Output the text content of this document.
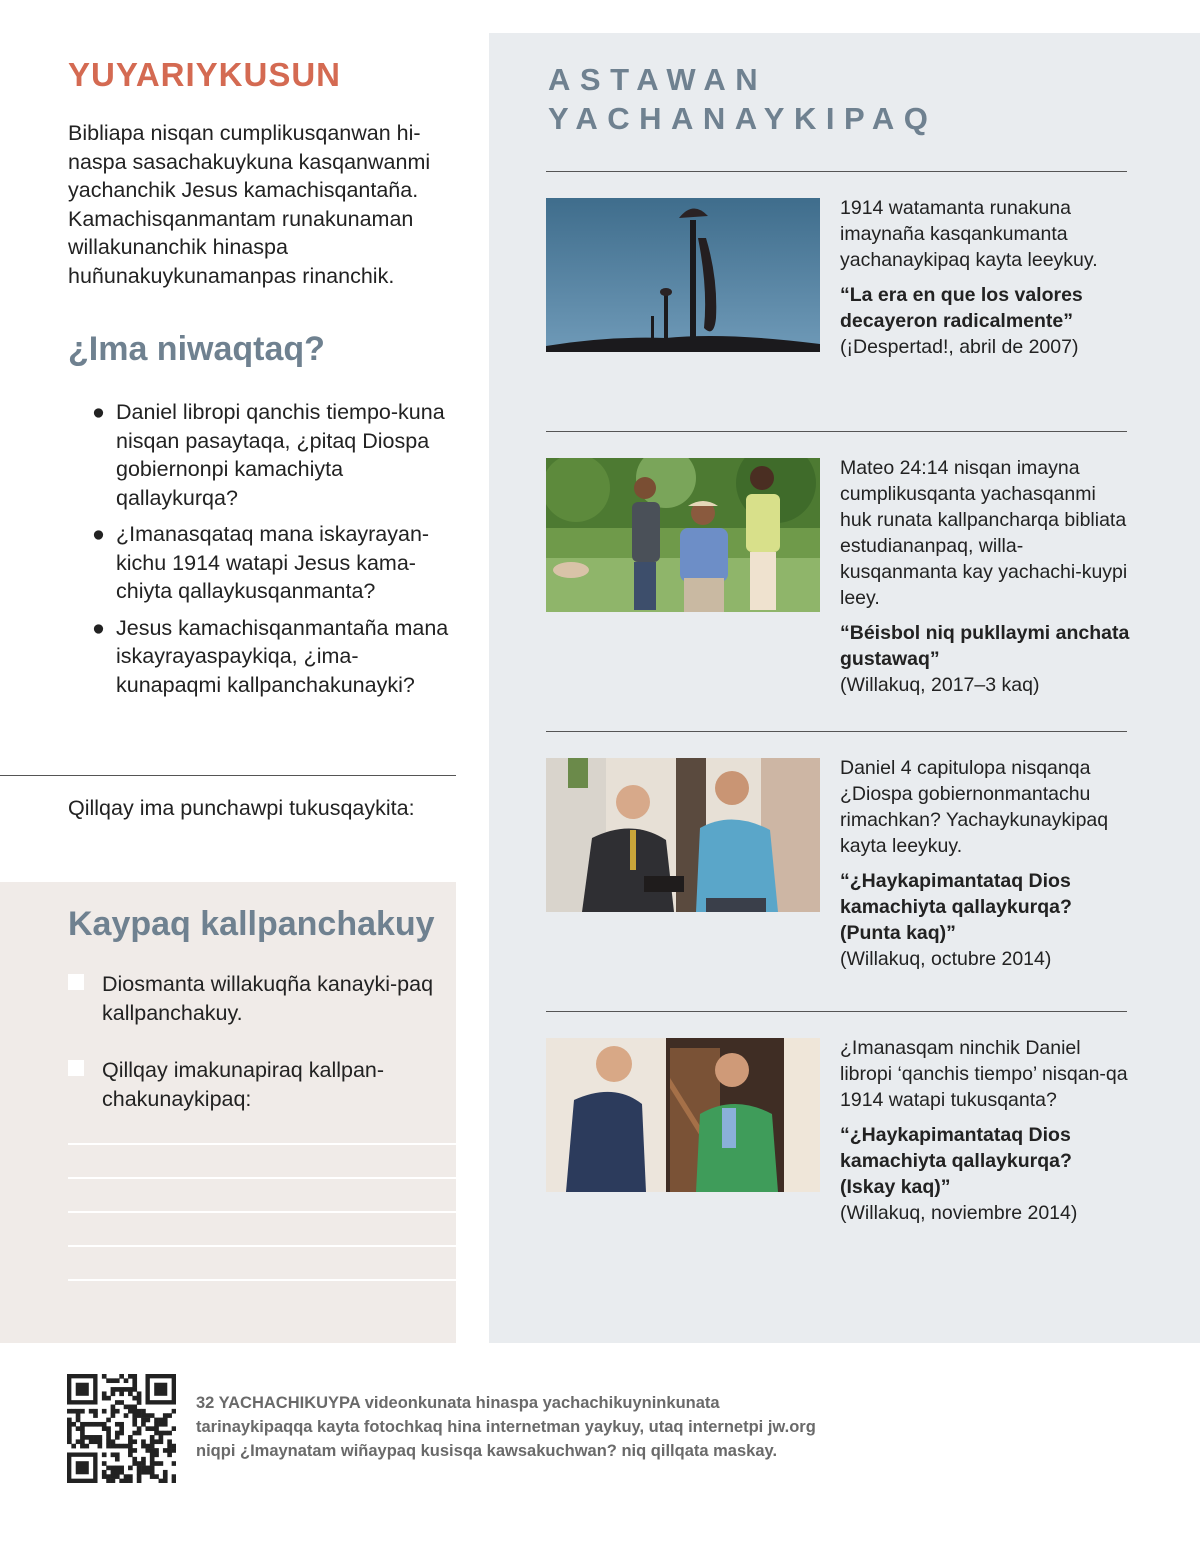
YUYARIYKUSUN

Bibliapa nisqan cumplikusqanwan hi-naspa sasachakuykuna kasqanwanmi yachanchik Jesus kamachisqantaña. Kamachisqanmantam runakunaman willakunanchik hinaspa huñunakuykunamanpas rinanchik.

¿Ima niwaqtaq?
● Daniel libropi qanchis tiempo-kuna nisqan pasaytaqa, ¿pitaq Diospa gobiernonpi kamachiyta qallaykurqa?
● ¿Imanasqataq mana iskayrayan-kichu 1914 watapi Jesus kama-chiyta qallaykusqanmanta?
● Jesus kamachisqanmantaña mana iskayrayaspaykiqa, ¿ima-kunapaqmi kallpanchakunayki?
Qillqay ima punchawpi tukusqaykita:
Kaypaq kallpanchakuy
Diosmanta willakuqña kanayki-paq kallpanchakuy.
Qillqay imakunapiraq kallpan-chakunaykipaq:
ASTAWAN
YACHANAYKIPAQ

1914 watamanta runakuna imaynaña kasqankumanta yachanaykipaq kayta leeykuy.

“La era en que los valores decayeron radicalmente”

(¡Despertad!, abril de 2007)

Mateo 24:14 nisqan imayna cumplikusqanta yachasqanmi huk runata kallpancharqa bibliata estudiananpaq, willa-kusqanmanta kay yachachi-kuypi leey.

“Béisbol niq pukllaymi anchata gustawaq”

(Willakuq, 2017–3 kaq)

Daniel 4 capitulopa nisqanqa ¿Diospa gobiernonmantachu rimachkan? Yachaykunaykipaq kayta leeykuy.

“¿Haykapimantataq Dios kamachiyta qallaykurqa? (Punta kaq)”

(Willakuq, octubre 2014)

¿Imanasqam ninchik Daniel libropi ‘qanchis tiempo’ nisqan-qa 1914 watapi tukusqanta?

“¿Haykapimantataq Dios kamachiyta qallaykurqa? (Iskay kaq)”

(Willakuq, noviembre 2014)

32 YACHACHIKUYPA videonkunata hinaspa yachachikuyninkunata tarinaykipaqqa kayta fotochkaq hina internetman yaykuy, utaq internetpi jw.org niqpi ¿Imaynatam wiñaypaq kusisqa kawsakuchwan? niq qillqata maskay.
